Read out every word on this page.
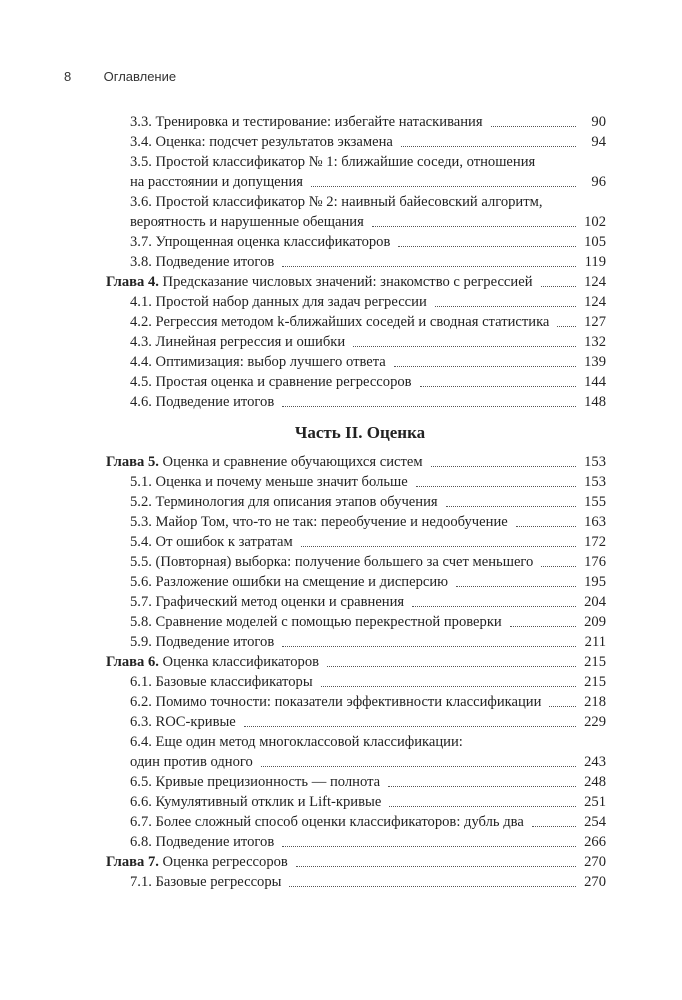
8 Оглавление
3.3. Тренировка и тестирование: избегайте натаскивания	90
3.4. Оценка: подсчет результатов экзамена	94
3.5. Простой классификатор № 1: ближайшие соседи, отношения
на расстоянии и допущения	96
3.6. Простой классификатор № 2: наивный байесовский алгоритм,
вероятность и нарушенные обещания	102
3.7. Упрощенная оценка классификаторов	105
3.8. Подведение итогов	119
Глава 4. Предсказание числовых значений: знакомство с регрессией	124
4.1. Простой набор данных для задач регрессии	124
4.2. Регрессия методом k-ближайших соседей и сводная статистика 127
4.3. Линейная регрессия и ошибки	132
4.4. Оптимизация: выбор лучшего ответа	139
4.5. Простая оценка и сравнение регрессоров	144
4.6. Подведение итогов	148
Часть II. Оценка
Глава 5. Оценка и сравнение обучающихся систем	153
5.1. Оценка и почему меньше значит больше	153
5.2. Терминология для описания этапов обучения	155
5.3. Майор Том, что-то не так: переобучение и недообучение	163
5.4. От ошибок к затратам	172
5.5. (Повторная) выборка: получение большего за счет меньшего	176
5.6. Разложение ошибки на смещение и дисперсию	195
5.7. Графический метод оценки и сравнения	204
5.8. Сравнение моделей с помощью перекрестной проверки	209
5.9. Подведение итогов	211
Глава 6. Оценка классификаторов	215
6.1. Базовые классификаторы	215
6.2. Помимо точности: показатели эффективности классификации	218
6.3. ROC-кривые	229
6.4. Еще один метод многоклассовой классификации:
один против одного	243
6.5. Кривые прецизионность — полнота	248
6.6. Кумулятивный отклик и Lift-кривые	251
6.7. Более сложный способ оценки классификаторов: дубль два	254
6.8. Подведение итогов	266
Глава 7. Оценка регрессоров	270
7.1. Базовые регрессоры	270
